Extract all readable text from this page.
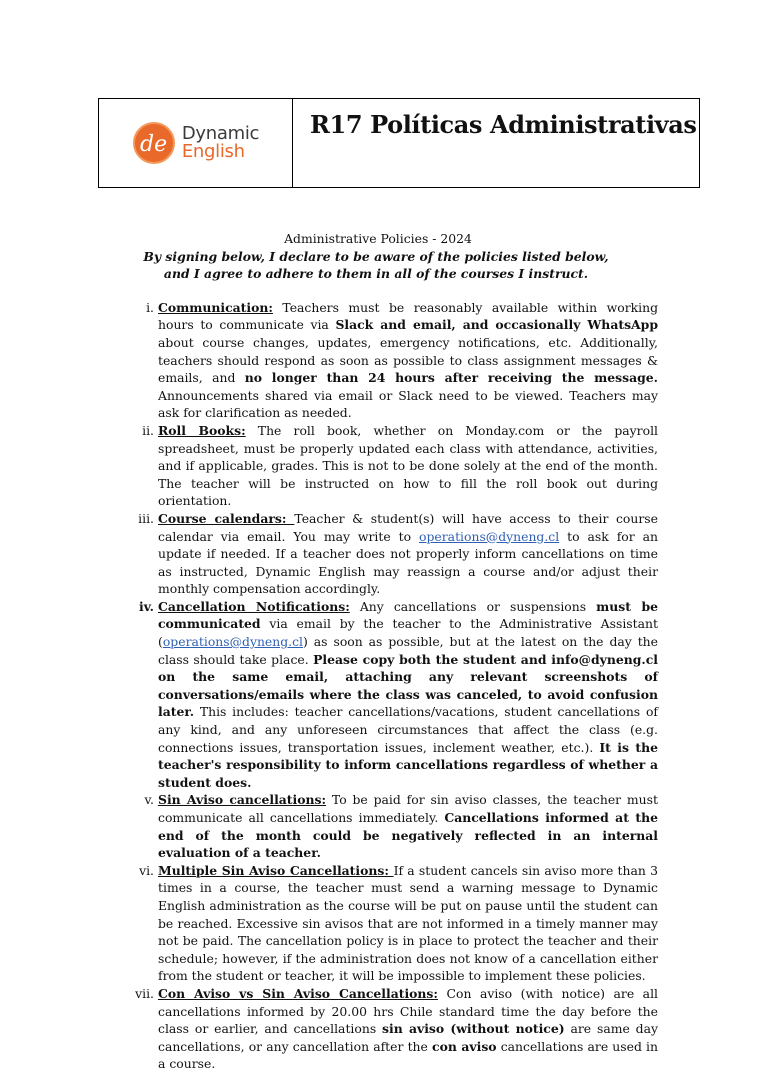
de Dynamic
English
R17 Políticas Administrativas
Administrative Policies - 2024
By signing below, I declare to be aware of the policies listed below, and I agree to adhere to them in all of the courses I instruct.
i. Communication: Teachers must be reasonably available within working hours to communicate via Slack and email, and occasionally WhatsApp about course changes, updates, emergency notifications, etc. Additionally, teachers should respond as soon as possible to class assignment messages & emails, and no longer than 24 hours after receiving the message. Announcements shared via email or Slack need to be viewed. Teachers may ask for clarification as needed.
ii. Roll Books: The roll book, whether on Monday.com or the payroll spreadsheet, must be properly updated each class with attendance, activities, and if applicable, grades. This is not to be done solely at the end of the month. The teacher will be instructed on how to fill the roll book out during orientation.
iii. Course calendars: Teacher & student(s) will have access to their course calendar via email. You may write to operations@dyneng.cl to ask for an update if needed. If a teacher does not properly inform cancellations on time as instructed, Dynamic English may reassign a course and/or adjust their monthly compensation accordingly.
iv. Cancellation Notifications: Any cancellations or suspensions must be communicated via email by the teacher to the Administrative Assistant (operations@dyneng.cl) as soon as possible, but at the latest on the day the class should take place. Please copy both the student and info@dyneng.cl on the same email, attaching any relevant screenshots of conversations/emails where the class was canceled, to avoid confusion later. This includes: teacher cancellations/vacations, student cancellations of any kind, and any unforeseen circumstances that affect the class (e.g. connections issues, transportation issues, inclement weather, etc.). It is the teacher's responsibility to inform cancellations regardless of whether a student does.
v. Sin Aviso cancellations: To be paid for sin aviso classes, the teacher must communicate all cancellations immediately. Cancellations informed at the end of the month could be negatively reflected in an internal evaluation of a teacher.
vi. Multiple Sin Aviso Cancellations: If a student cancels sin aviso more than 3 times in a course, the teacher must send a warning message to Dynamic English administration as the course will be put on pause until the student can be reached. Excessive sin avisos that are not informed in a timely manner may not be paid. The cancellation policy is in place to protect the teacher and their schedule; however, if the administration does not know of a cancellation either from the student or teacher, it will be impossible to implement these policies.
vii. Con Aviso vs Sin Aviso Cancellations: Con aviso (with notice) are all cancellations informed by 20.00 hrs Chile standard time the day before the class or earlier, and cancellations sin aviso (without notice) are same day cancellations, or any cancellation after the con aviso cancellations are used in a course.
